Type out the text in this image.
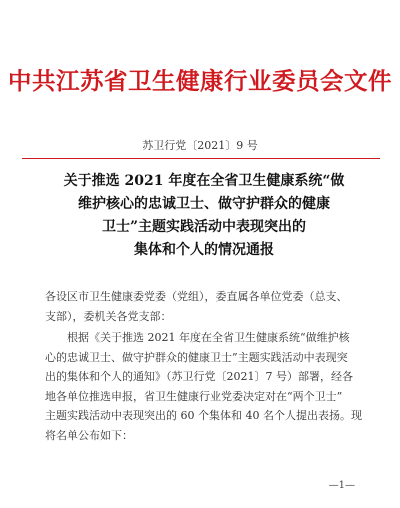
中共江苏省卫生健康行业委员会文件
苏卫行党〔2021〕9 号
关于推选 2021 年度在全省卫生健康系统“做
维护核心的忠诚卫士、做守护群众的健康
卫士”主题实践活动中表现突出的
集体和个人的情况通报
各设区市卫生健康委党委（党组），委直属各单位党委（总支、
支部），委机关各党支部：
　　根据《关于推选 2021 年度在全省卫生健康系统“做维护核
心的忠诚卫士、做守护群众的健康卫士”主题实践活动中表现突
出的集体和个人的通知》（苏卫行党〔2021〕7 号）部署，经各
地各单位推选申报，省卫生健康行业党委决定对在“两个卫士”
主题实践活动中表现突出的 60 个集体和 40 名个人提出表扬。现
将名单公布如下：
—1—
